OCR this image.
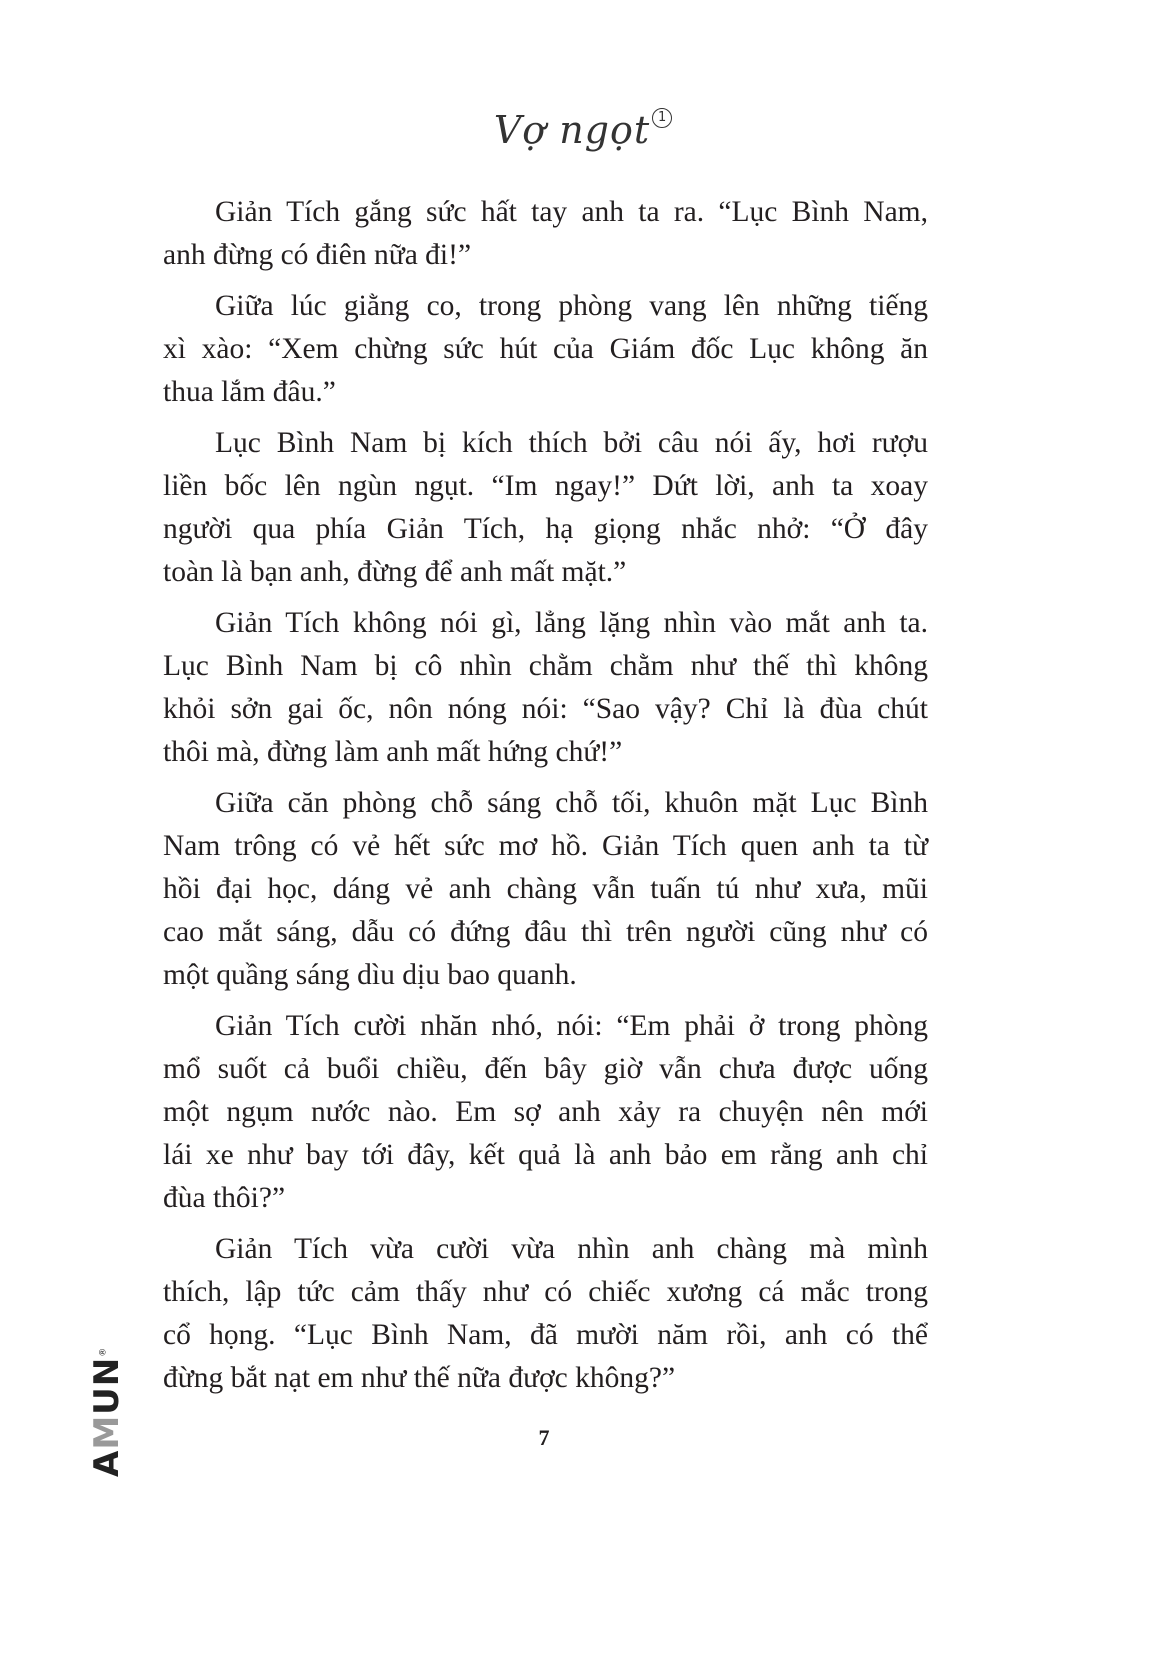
Vợ ngọt 1
Giản Tích gắng sức hất tay anh ta ra. “Lục Bình Nam,
anh đừng có điên nữa đi!”
Giữa lúc giằng co, trong phòng vang lên những tiếng
xì xào: “Xem chừng sức hút của Giám đốc Lục không ăn
thua lắm đâu.”
Lục Bình Nam bị kích thích bởi câu nói ấy, hơi rượu
liền bốc lên ngùn ngụt. “Im ngay!” Dứt lời, anh ta xoay
người qua phía Giản Tích, hạ giọng nhắc nhở: “Ở đây
toàn là bạn anh, đừng để anh mất mặt.”
Giản Tích không nói gì, lẳng lặng nhìn vào mắt anh ta.
Lục Bình Nam bị cô nhìn chằm chằm như thế thì không
khỏi sởn gai ốc, nôn nóng nói: “Sao vậy? Chỉ là đùa chút
thôi mà, đừng làm anh mất hứng chứ!”
Giữa căn phòng chỗ sáng chỗ tối, khuôn mặt Lục Bình
Nam trông có vẻ hết sức mơ hồ. Giản Tích quen anh ta từ
hồi đại học, dáng vẻ anh chàng vẫn tuấn tú như xưa, mũi
cao mắt sáng, dẫu có đứng đâu thì trên người cũng như có
một quầng sáng dìu dịu bao quanh.
Giản Tích cười nhăn nhó, nói: “Em phải ở trong phòng
mổ suốt cả buổi chiều, đến bây giờ vẫn chưa được uống
một ngụm nước nào. Em sợ anh xảy ra chuyện nên mới
lái xe như bay tới đây, kết quả là anh bảo em rằng anh chỉ
đùa thôi?”
Giản Tích vừa cười vừa nhìn anh chàng mà mình
thích, lập tức cảm thấy như có chiếc xương cá mắc trong
cổ họng. “Lục Bình Nam, đã mười năm rồi, anh có thể
đừng bắt nạt em như thế nữa được không?”
AMUN®
7
